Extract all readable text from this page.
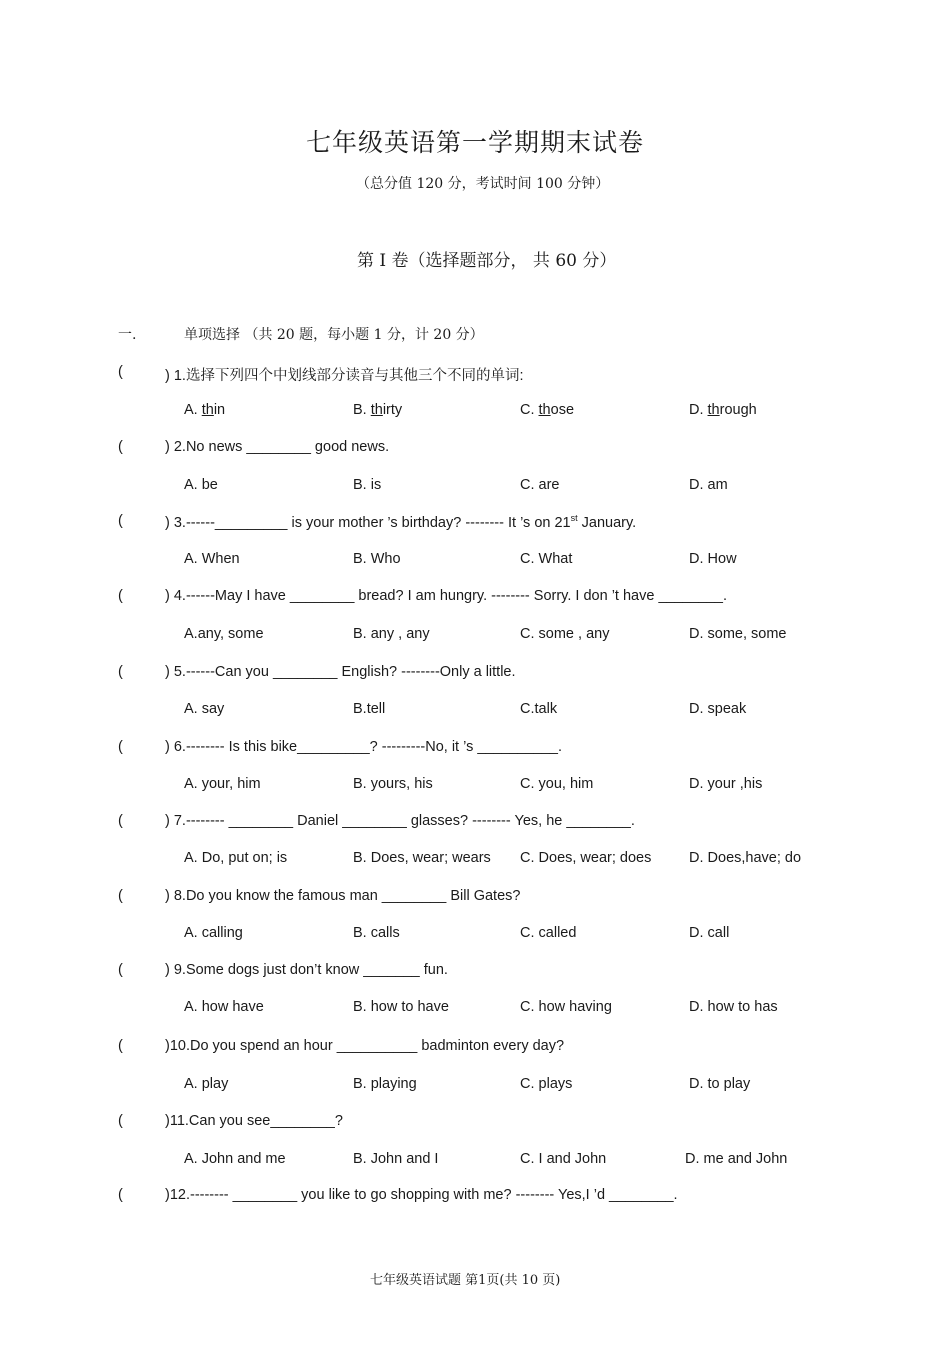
七年级英语第一学期期末试卷
（总分值 120 分，考试时间 100 分钟）
第 I 卷（选择题部分， 共 60 分）
一.	单项选择 （共 20 题，每小题 1 分，计 20 分）
(	) 1.选择下列四个中划线部分读音与其他三个不同的单词:
A. thin	B. thirty	C. those	D. through
(	) 2.No news ________ good news.
A. be	B. is	C. are	D. am
(	) 3.------_________ is your mother ’s birthday? -------- It ’s on 21st January.
A. When	B. Who	C. What	D. How
(	) 4.------May I have ________ bread? I am hungry. -------- Sorry. I don ’t have ________.
A.any, some	B. any , any	C. some , any	D. some, some
(	) 5.------Can you ________ English? --------Only a little.
A. say	B.tell	C.talk	D. speak
(	) 6.-------- Is this bike_________? ---------No, it ’s __________.
A. your, him	B. yours, his	C. you, him	D. your ,his
(	) 7.-------- ________ Daniel ________ glasses? -------- Yes, he ________.
A. Do, put on; is	B. Does, wear; wears C. Does, wear; does	D. Does,have; do
(	) 8.Do you know the famous man ________ Bill Gates?
A. calling	B. calls	C. called	D. call
(	) 9.Some dogs just don’t know _______ fun.
A. how have	B. how to have	C. how having	D. how to has
(	)10.Do you spend an hour __________ badminton every day?
A. play	B. playing	C. plays	D. to play
(	)11.Can you see________?
A. John and me	B. John and I	C. I and John	D. me and John
(	)12.-------- ________ you like to go shopping with me? -------- Yes,I ’d ________.
七年级英语试题 第1页(共 10 页)
